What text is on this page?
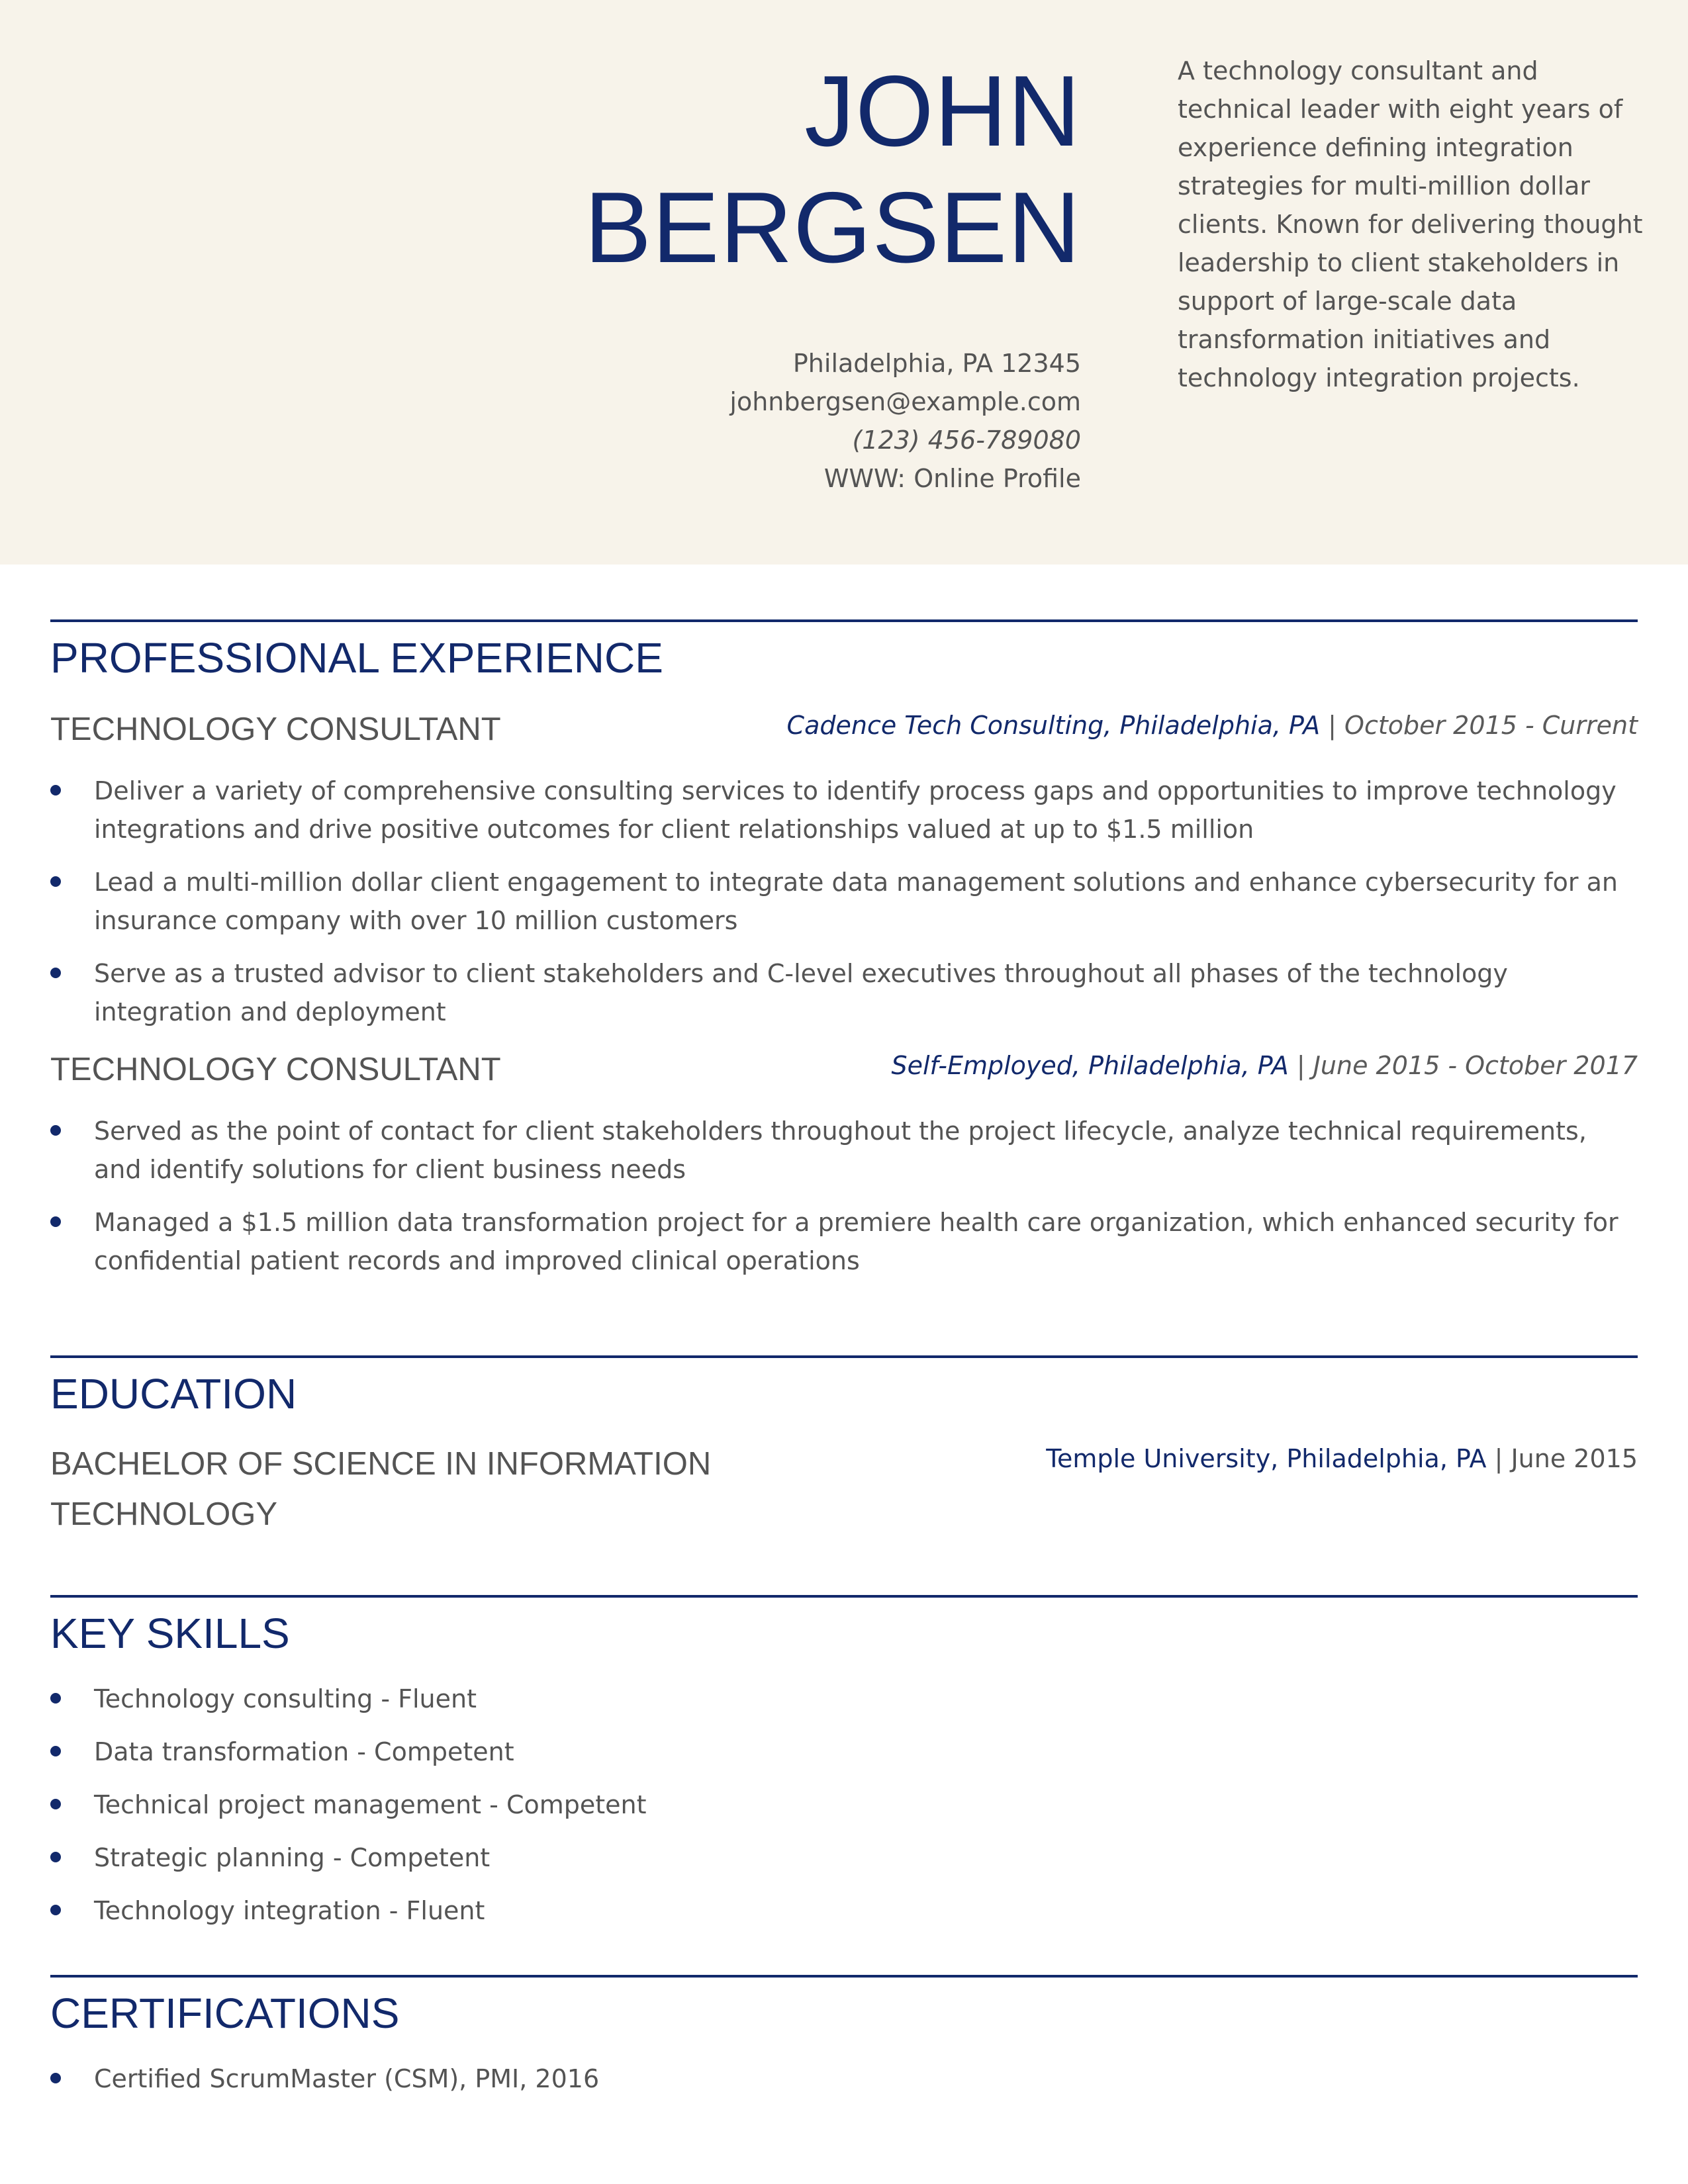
JOHN
BERGSEN
Philadelphia, PA 12345
johnbergsen@example.com
(123) 456-789080
WWW: Online Profile
A technology consultant and technical leader with eight years of experience defining integration strategies for multi-million dollar clients. Known for delivering thought leadership to client stakeholders in support of large-scale data transformation initiatives and technology integration projects.
PROFESSIONAL EXPERIENCE
TECHNOLOGY CONSULTANT	Cadence Tech Consulting, Philadelphia, PA | October 2015 - Current
Deliver a variety of comprehensive consulting services to identify process gaps and opportunities to improve technology integrations and drive positive outcomes for client relationships valued at up to $1.5 million
Lead a multi-million dollar client engagement to integrate data management solutions and enhance cybersecurity for an insurance company with over 10 million customers
Serve as a trusted advisor to client stakeholders and C-level executives throughout all phases of the technology integration and deployment
TECHNOLOGY CONSULTANT	Self-Employed, Philadelphia, PA | June 2015 - October 2017
Served as the point of contact for client stakeholders throughout the project lifecycle, analyze technical requirements, and identify solutions for client business needs
Managed a $1.5 million data transformation project for a premiere health care organization, which enhanced security for confidential patient records and improved clinical operations
EDUCATION
BACHELOR OF SCIENCE IN INFORMATION TECHNOLOGY
Temple University, Philadelphia, PA | June 2015
KEY SKILLS
Technology consulting - Fluent
Data transformation - Competent
Technical project management - Competent
Strategic planning - Competent
Technology integration - Fluent
CERTIFICATIONS
Certified ScrumMaster (CSM), PMI, 2016
